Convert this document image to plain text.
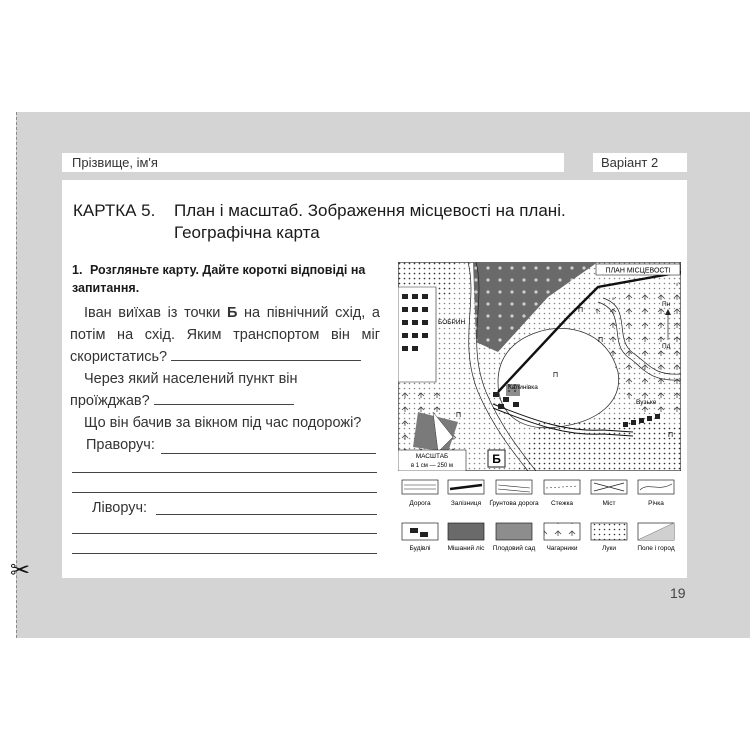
Прізвище, ім'я	Варіант 2
КАРТКА 5. План і масштаб. Зображення місцевості на плані.
Географічна карта
1. Розгляньте карту. Дайте короткі відповіді на запитання.

Іван виїхав із точки Б на північний схід, а потім на схід. Яким транспортом він міг скористатись?

Через який населений пункт він проїжджав?

Що він бачив за вікном під час подорожі?

Праворуч:
Ліворуч:
ПЛАН МІСЦЕВОСТІ
Пн
Пд
БОБРИН
Калинівка
Вузьке
П
П
П
П
П
МАСШТАБ
в 1 см — 250 м	Б
Дорога	Залізниця Ґрунтова дорога Стежка	Міст	Річка
Будівлі	Мішаний ліс Плодовий сад Чагарники	Луки	Поле і город
✂
19
